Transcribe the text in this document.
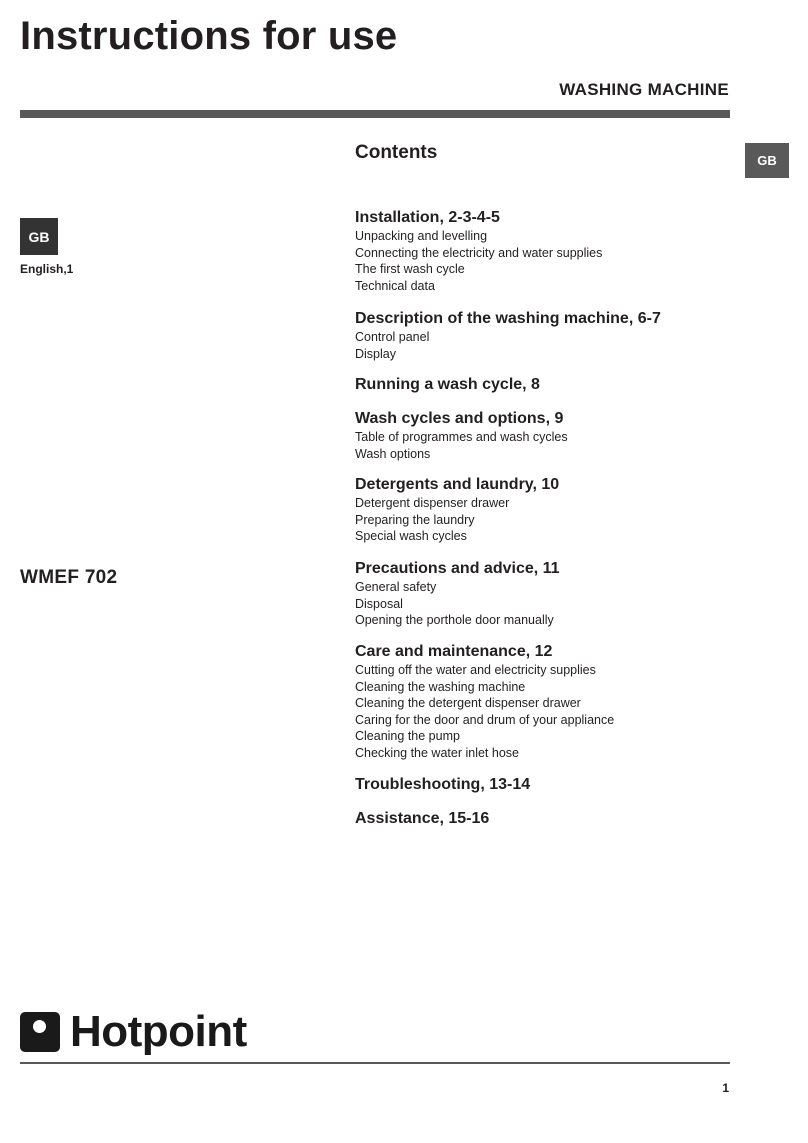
Instructions for use
WASHING MACHINE
GB
GB
English,1
WMEF 702
Contents
Installation, 2-3-4-5
Unpacking and levelling
Connecting the electricity and water supplies
The first wash cycle
Technical data
Description of the washing machine, 6-7
Control panel
Display
Running a wash cycle, 8
Wash cycles and options, 9
Table of programmes and wash cycles
Wash options
Detergents and laundry, 10
Detergent dispenser drawer
Preparing the laundry
Special wash cycles
Precautions and advice, 11
General safety
Disposal
Opening the porthole door manually
Care and maintenance, 12
Cutting off the water and electricity supplies
Cleaning the washing machine
Cleaning the detergent dispenser drawer
Caring for the door and drum of your appliance
Cleaning the pump
Checking the water inlet hose
Troubleshooting, 13-14
Assistance, 15-16
Hotpoint
1
